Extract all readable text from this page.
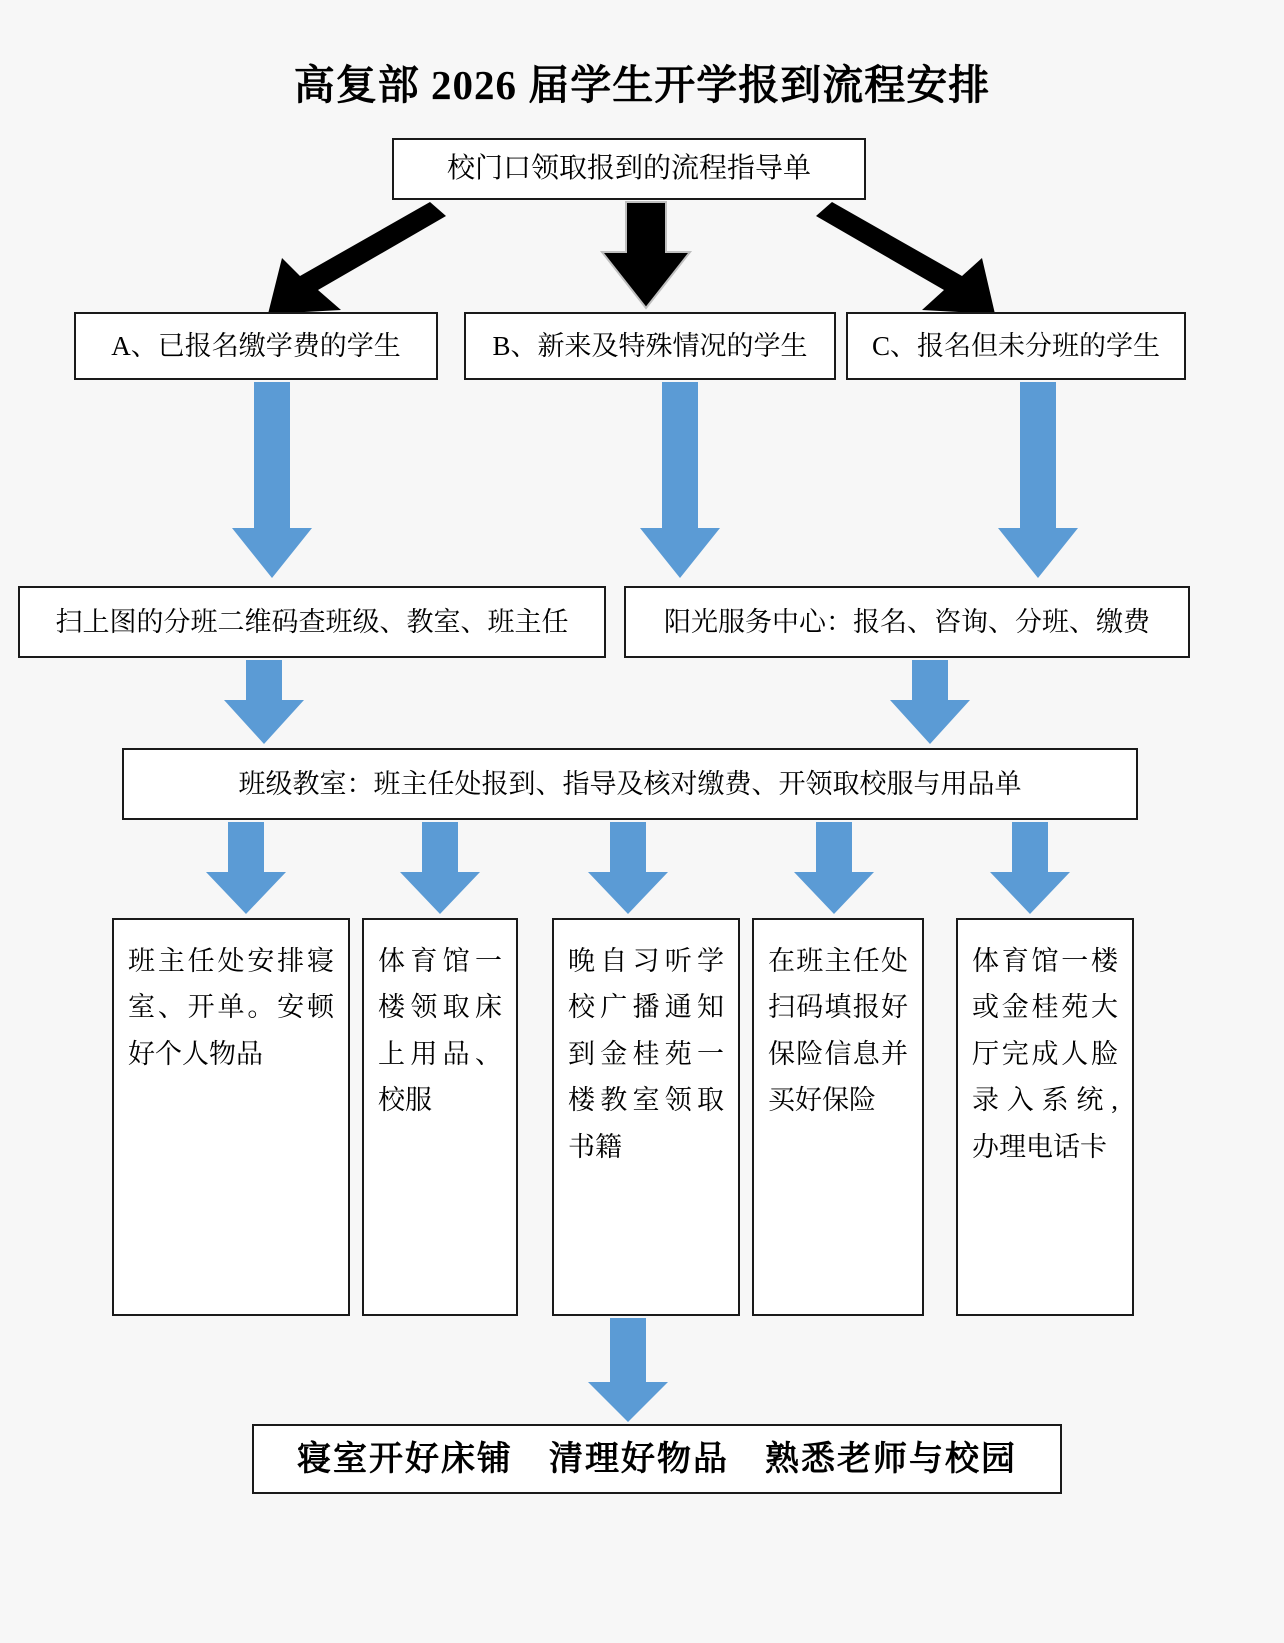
高复部 2026 届学生开学报到流程安排
校门口领取报到的流程指导单
A、已报名缴学费的学生	B、新来及特殊情况的学生 C、报名但未分班的学生
扫上图的分班二维码查班级、教室、班主任	阳光服务中心：报名、咨询、分班、缴费
班级教室：班主任处报到、指导及核对缴费、开领取校服与用品单
班主任处安排寝室、开单。安顿好个人物品
体育馆一楼领取床上用品、校服
晚自习听学校广播通知到金桂苑一楼教室领取书籍
在班主任处扫码填报好保险信息并买好保险
体育馆一楼或金桂苑大厅完成人脸录入系统, 办理电话卡
寝室开好床铺　清理好物品　熟悉老师与校园
